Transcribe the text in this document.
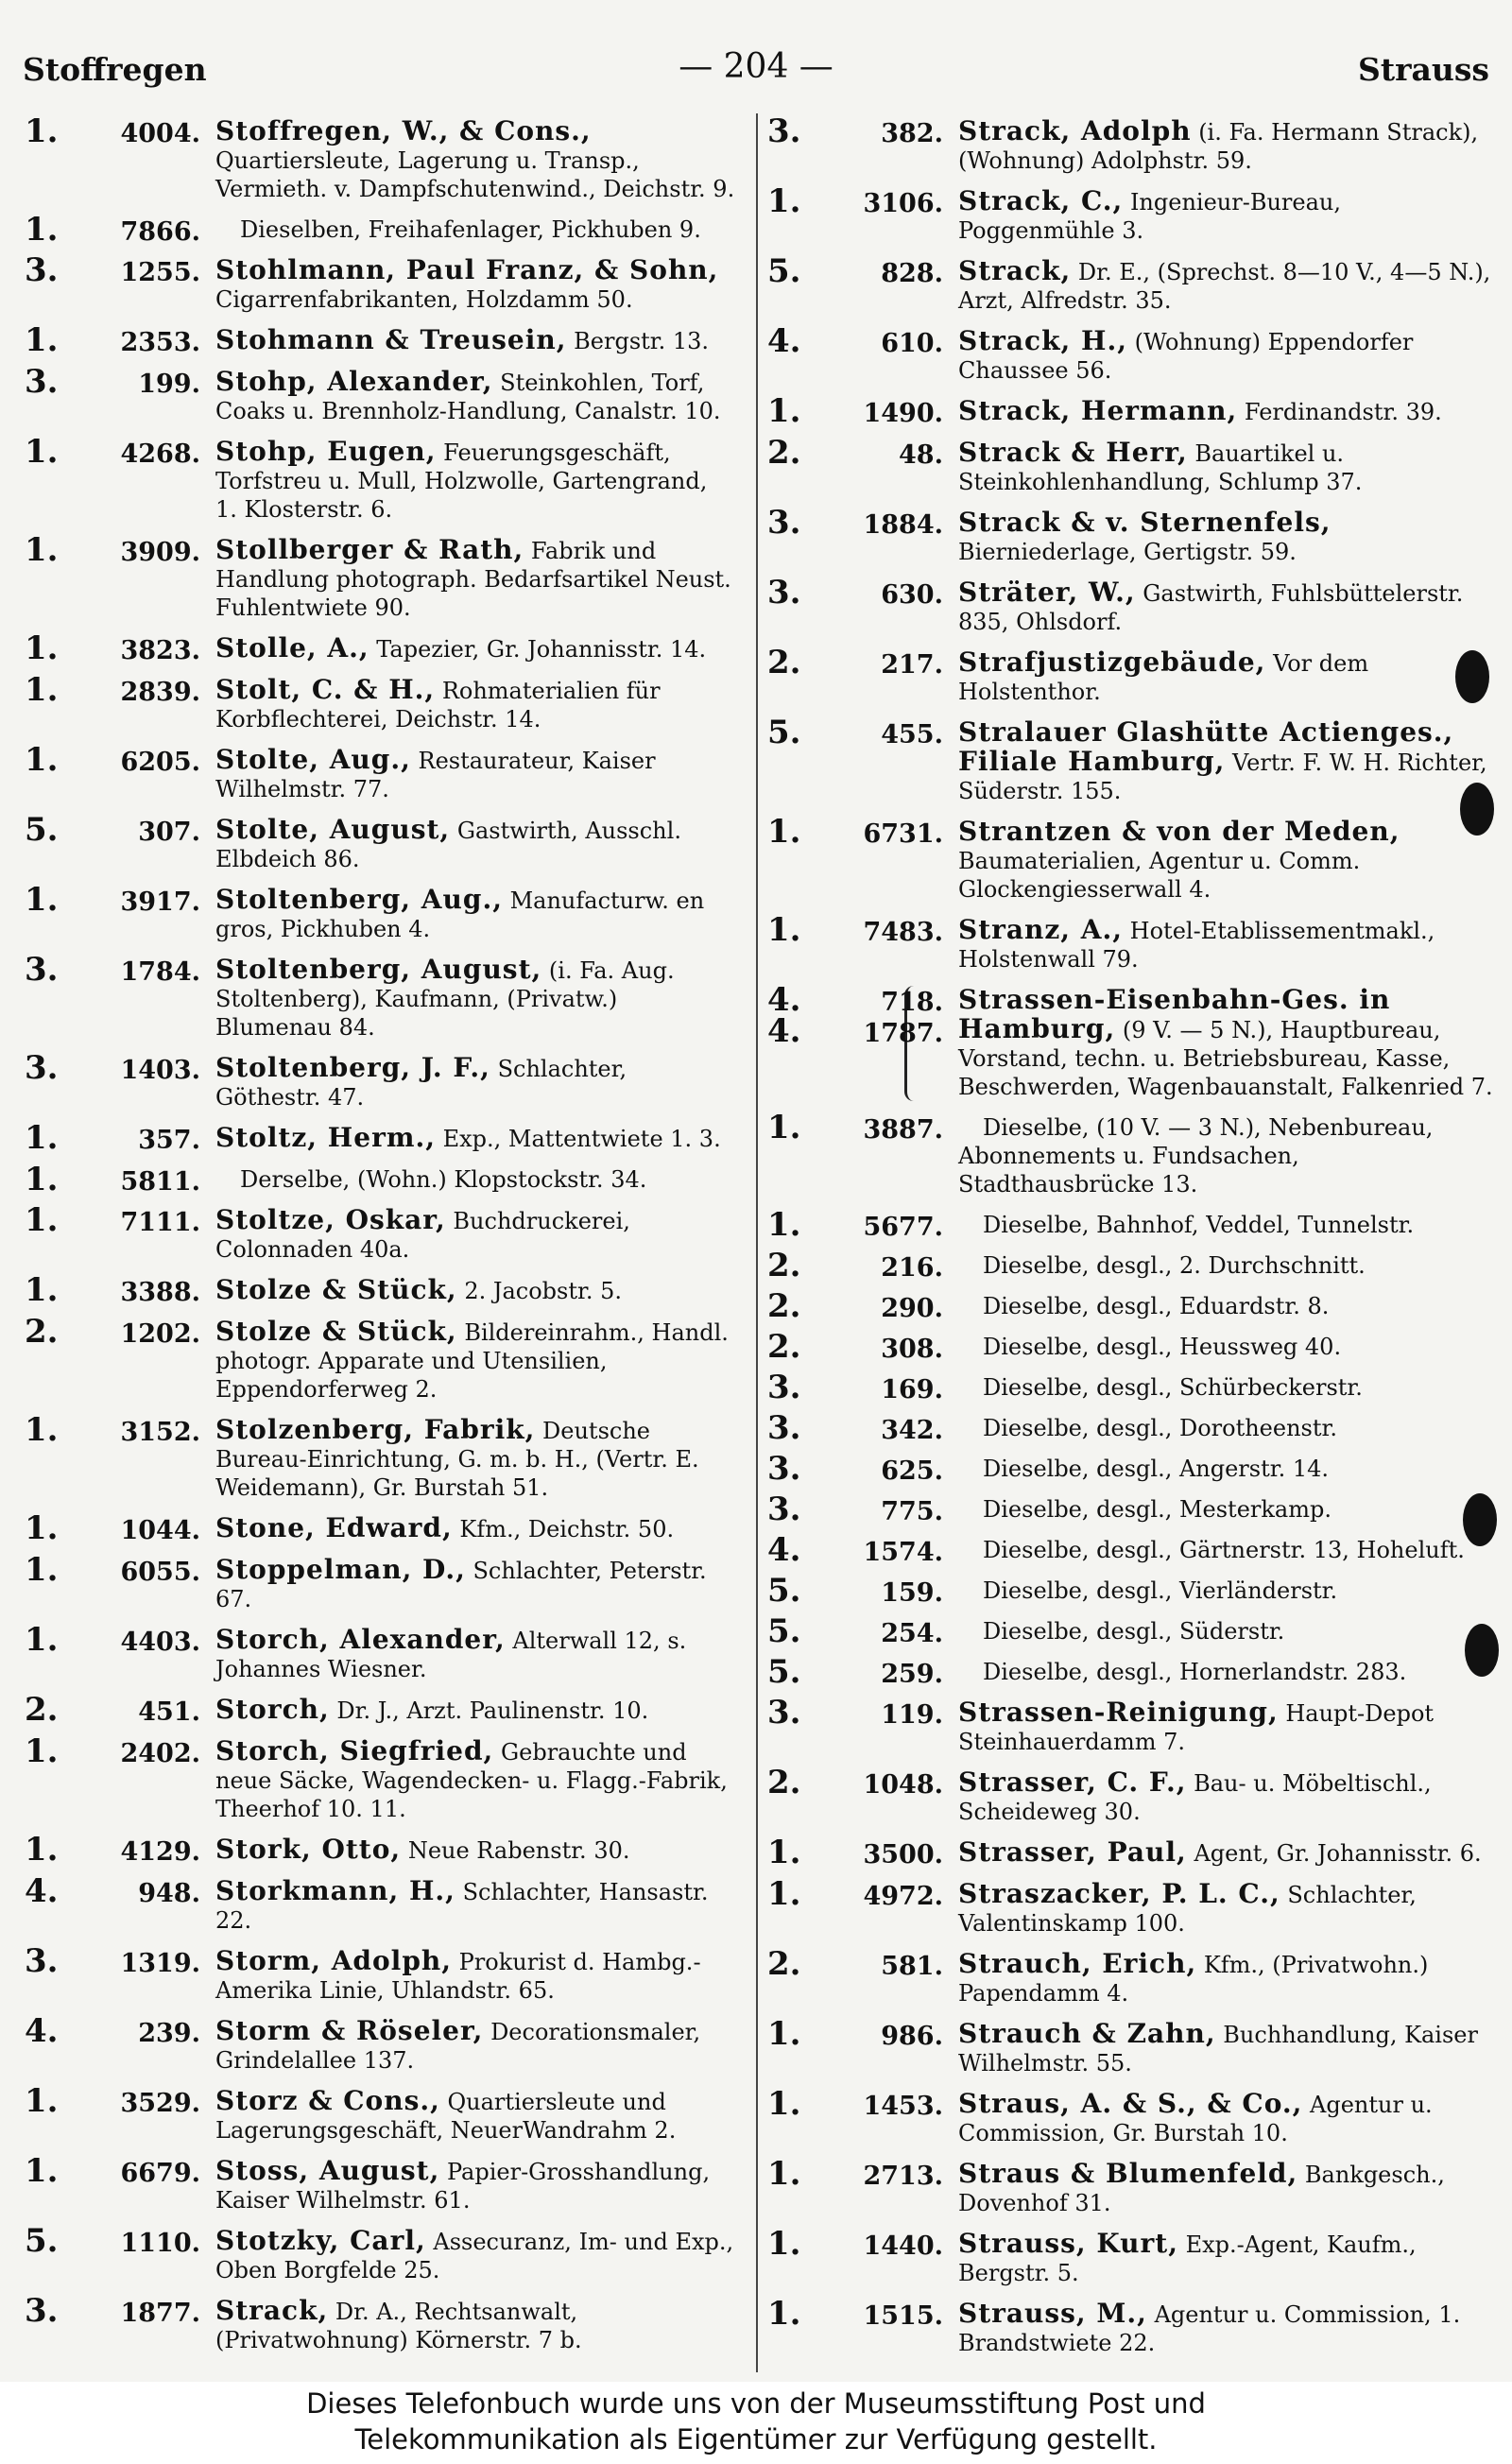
Stoffregen	— 204 —	Strauss
1. 4004. Stoffregen, W., & Cons., Quartiersleute, Lagerung u. Transp., Vermieth. v. Dampfschutenwind., Deichstr. 9.
1. 7866. Dieselben, Freihafenlager, Pickhuben 9.
3. 1255. Stohlmann, Paul Franz, & Sohn, Cigarrenfabrikanten, Holzdamm 50.
1. 2353. Stohmann & Treusein, Bergstr. 13.
3.	199. Stohp, Alexander, Steinkohlen, Torf, Coaks u. Brennholz-Handlung, Canalstr. 10.
1. 4268. Stohp, Eugen, Feuerungsgeschäft, Torfstreu u. Mull, Holzwolle, Gartengrand, 1. Klosterstr. 6.
1. 3909. Stollberger & Rath, Fabrik und Handlung photograph. Bedarfsartikel Neust. Fuhlentwiete 90.
1. 3823. Stolle, A., Tapezier, Gr. Johannisstr. 14.
1. 2839. Stolt, C. & H., Rohmaterialien für Korbflechterei, Deichstr. 14.
1. 6205. Stolte, Aug., Restaurateur, Kaiser Wilhelmstr. 77.
5.	307. Stolte, August, Gastwirth, Ausschl. Elbdeich 86.
1. 3917. Stoltenberg, Aug., Manufacturw. en gros, Pickhuben 4.
3. 1784. Stoltenberg, August, (i. Fa. Aug. Stoltenberg), Kaufmann, (Privatw.) Blumenau 84.
3. 1403. Stoltenberg, J. F., Schlachter, Göthestr. 47.
1.	357. Stoltz, Herm., Exp., Mattentwiete 1. 3.
1. 5811. Derselbe, (Wohn.) Klopstockstr. 34.
1. 7111. Stoltze, Oskar, Buchdruckerei, Colonnaden 40a.
1. 3388. Stolze & Stück, 2. Jacobstr. 5.
2. 1202. Stolze & Stück, Bildereinrahm., Handl. photogr. Apparate und Utensilien, Eppendorferweg 2.
1. 3152. Stolzenberg, Fabrik, Deutsche Bureau-Einrichtung, G. m. b. H., (Vertr. E. Weidemann), Gr. Burstah 51.
1. 1044. Stone, Edward, Kfm., Deichstr. 50.
1. 6055. Stoppelman, D., Schlachter, Peterstr. 67.
1. 4403. Storch, Alexander, Alterwall 12, s. Johannes Wiesner.
2.	451. Storch, Dr. J., Arzt. Paulinenstr. 10.
1. 2402. Storch, Siegfried, Gebrauchte und neue Säcke, Wagendecken- u. Flagg.-Fabrik, Theerhof 10. 11.
1. 4129. Stork, Otto, Neue Rabenstr. 30.
4.	948. Storkmann, H., Schlachter, Hansastr. 22.
3. 1319. Storm, Adolph, Prokurist d. Hambg.-Amerika Linie, Uhlandstr. 65.
4.	239. Storm & Röseler, Decorationsmaler, Grindelallee 137.
1. 3529. Storz & Cons., Quartiersleute und Lagerungsgeschäft, NeuerWandrahm 2.
1. 6679. Stoss, August, Papier-Grosshandlung, Kaiser Wilhelmstr. 61.
5. 1110. Stotzky, Carl, Assecuranz, Im- und Exp., Oben Borgfelde 25.
3. 1877. Strack, Dr. A., Rechtsanwalt, (Privatwohnung) Körnerstr. 7 b.
3.	382. Strack, Adolph (i. Fa. Hermann Strack), (Wohnung) Adolphstr. 59.
1. 3106. Strack, C., Ingenieur-Bureau, Poggenmühle 3.
5.	828. Strack, Dr. E., (Sprechst. 8—10 V., 4—5 N.), Arzt, Alfredstr. 35.
4.	610. Strack, H., (Wohnung) Eppendorfer Chaussee 56.
1. 1490. Strack, Hermann, Ferdinandstr. 39.
2.	48. Strack & Herr, Bauartikel u. Steinkohlenhandlung, Schlump 37.
3. 1884. Strack & v. Sternenfels, Bierniederlage, Gertigstr. 59.
3.	630. Sträter, W., Gastwirth, Fuhlsbüttelerstr. 835, Ohlsdorf.
2.	217. Strafjustizgebäude, Vor dem Holstenthor.
5.	455. Stralauer Glashütte Actienges., Filiale Hamburg, Vertr. F. W. H. Richter, Süderstr. 155.
1. 6731. Strantzen & von der Meden, Baumaterialien, Agentur u. Comm. Glockengiesserwall 4.
1. 7483. Stranz, A., Hotel-Etablissementmakl., Holstenwall 79.
4.	718.
4. 1787.
Strassen-Eisenbahn-Ges. in Hamburg, (9 V. — 5 N.), Hauptbureau, Vorstand, techn. u. Betriebsbureau, Kasse, Beschwerden, Wagenbauanstalt, Falkenried 7.
1. 3887. Dieselbe, (10 V. — 3 N.), Nebenbureau, Abonnements u. Fundsachen, Stadthausbrücke 13.
1. 5677. Dieselbe, Bahnhof, Veddel, Tunnelstr.
2.	216. Dieselbe, desgl., 2. Durchschnitt.
2.	290. Dieselbe, desgl., Eduardstr. 8.
2.	308. Dieselbe, desgl., Heussweg 40.
3.	169. Dieselbe, desgl., Schürbeckerstr.
3.	342. Dieselbe, desgl., Dorotheenstr.
3.	625. Dieselbe, desgl., Angerstr. 14.
3.	775. Dieselbe, desgl., Mesterkamp.
4. 1574. Dieselbe, desgl., Gärtnerstr. 13, Hoheluft.
5.	159. Dieselbe, desgl., Vierländerstr.
5.	254. Dieselbe, desgl., Süderstr.
5.	259. Dieselbe, desgl., Hornerlandstr. 283.
3.	119. Strassen-Reinigung, Haupt-Depot Steinhauerdamm 7.
2. 1048. Strasser, C. F., Bau- u. Möbeltischl., Scheideweg 30.
1. 3500. Strasser, Paul, Agent, Gr. Johannisstr. 6.
1. 4972. Straszacker, P. L. C., Schlachter, Valentinskamp 100.
2.	581. Strauch, Erich, Kfm., (Privatwohn.) Papendamm 4.
1.	986. Strauch & Zahn, Buchhandlung, Kaiser Wilhelmstr. 55.
1. 1453. Straus, A. & S., & Co., Agentur u. Commission, Gr. Burstah 10.
1. 2713. Straus & Blumenfeld, Bankgesch., Dovenhof 31.
1. 1440. Strauss, Kurt, Exp.-Agent, Kaufm., Bergstr. 5.
1. 1515. Strauss, M., Agentur u. Commission, 1. Brandstwiete 22.
Dieses Telefonbuch wurde uns von der Museumsstiftung Post und
Telekommunikation als Eigentümer zur Verfügung gestellt.
